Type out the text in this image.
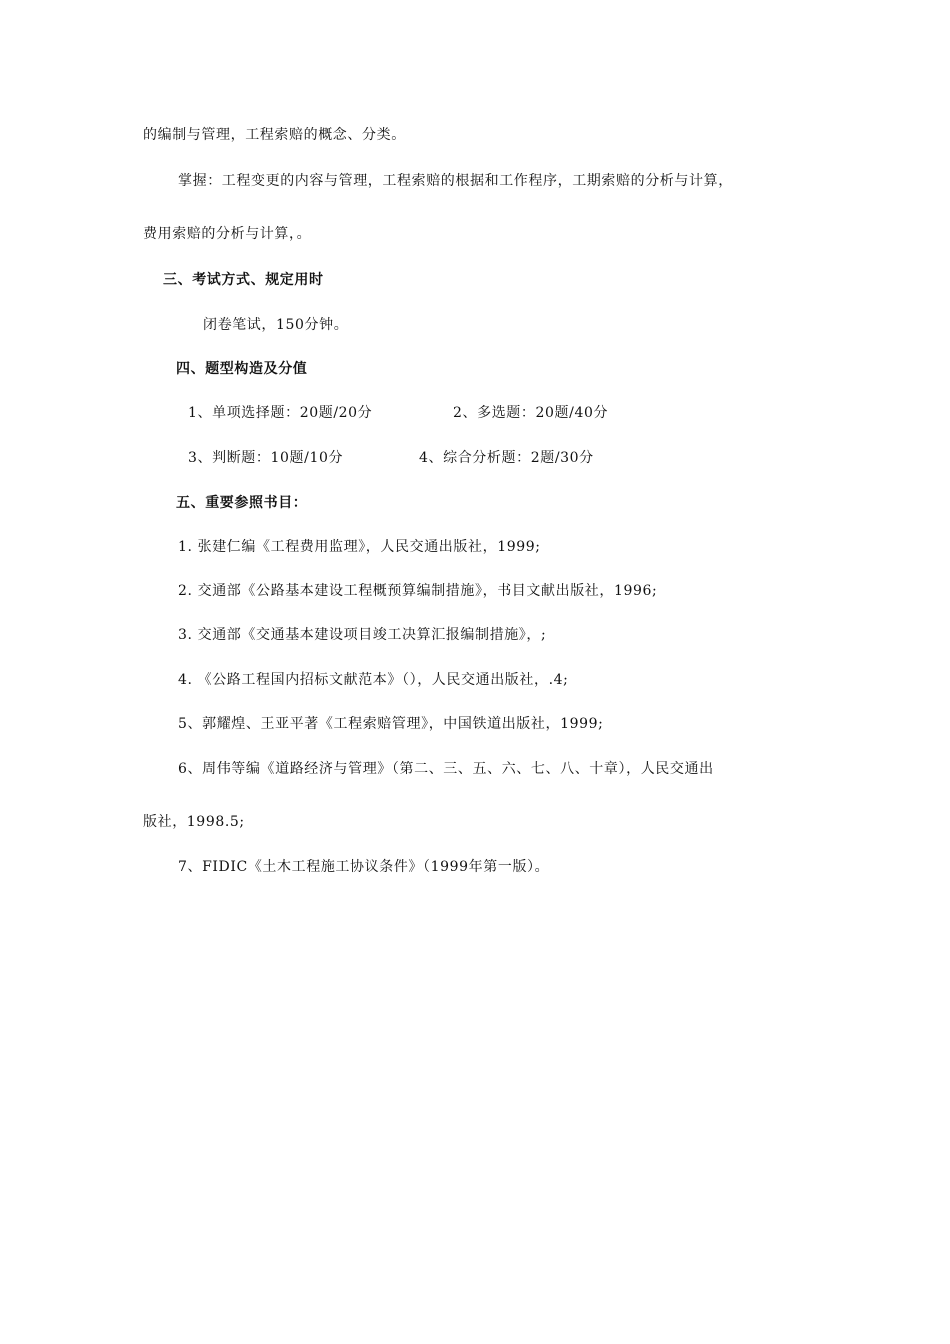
的编制与管理，工程索赔的概念、分类。
掌握：工程变更的内容与管理，工程索赔的根据和工作程序，工期索赔的分析与计算，
费用索赔的分析与计算，。
三、考试方式、规定用时
闭卷笔试，150分钟。
四、题型构造及分值
1、单项选择题：20题/20分	2、多选题：20题/40分
3、判断题：10题/10分	4、综合分析题：2题/30分
五、重要参照书目：
1. 张建仁编《工程费用监理》，人民交通出版社，1999;
2. 交通部《公路基本建设工程概预算编制措施》，书目文献出版社，1996;
3. 交通部《交通基本建设项目竣工决算汇报编制措施》，;
4. 《公路工程国内招标文献范本》（），人民交通出版社，.4;
5、郭耀煌、王亚平著《工程索赔管理》，中国铁道出版社，1999;
6、周伟等编《道路经济与管理》（第二、三、五、六、七、八、十章），人民交通出
版社，1998.5;
7、FIDIC《土木工程施工协议条件》（1999年第一版）。
